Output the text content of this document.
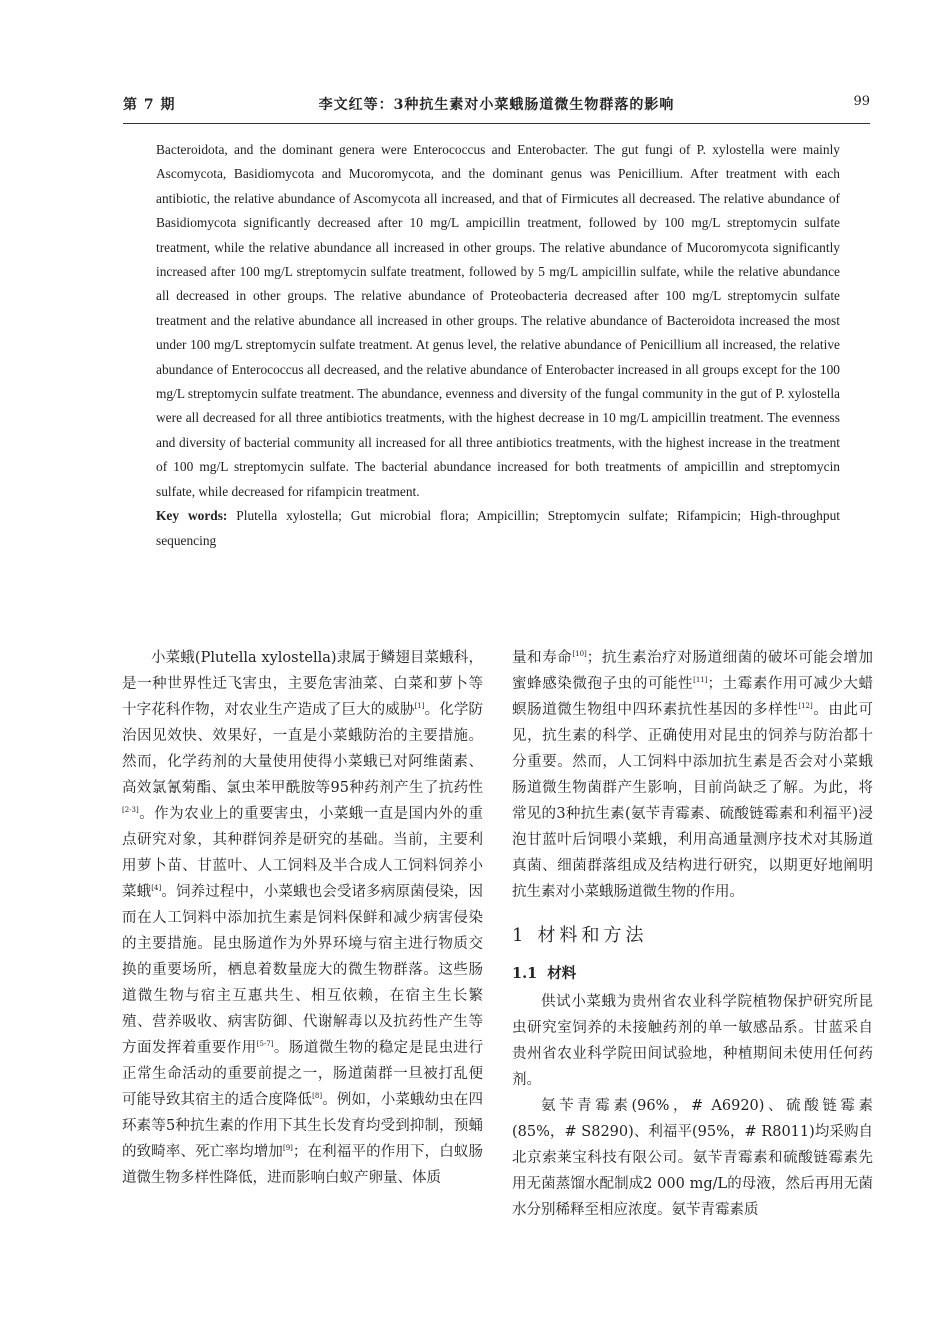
第 7 期	李文红等：3种抗生素对小菜蛾肠道微生物群落的影响	99

Bacteroidota, and the dominant genera were Enterococcus and Enterobacter. The gut fungi of P. xylostella were mainly Ascomycota, Basidiomycota and Mucoromycota, and the dominant genus was Penicillium. After treatment with each antibiotic, the relative abundance of Ascomycota all increased, and that of Firmicutes all decreased. The relative abundance of Basidiomycota significantly decreased after 10 mg/L ampicillin treatment, followed by 100 mg/L streptomycin sulfate treatment, while the relative abundance all increased in other groups. The relative abundance of Mucoromycota significantly increased after 100 mg/L streptomycin sulfate treatment, followed by 5 mg/L ampicillin sulfate, while the relative abundance all decreased in other groups. The relative abundance of Proteobacteria decreased after 100 mg/L streptomycin sulfate treatment and the relative abundance all increased in other groups. The relative abundance of Bacteroidota increased the most under 100 mg/L streptomycin sulfate treatment. At genus level, the relative abundance of Penicillium all increased, the relative abundance of Enterococcus all decreased, and the relative abundance of Enterobacter increased in all groups except for the 100 mg/L streptomycin sulfate treatment. The abundance, evenness and diversity of the fungal community in the gut of P. xylostella were all decreased for all three antibiotics treatments, with the highest decrease in 10 mg/L ampicillin treatment. The evenness and diversity of bacterial community all increased for all three antibiotics treatments, with the highest increase in the treatment of 100 mg/L streptomycin sulfate. The bacterial abundance increased for both treatments of ampicillin and streptomycin sulfate, while decreased for rifampicin treatment.

Key words: Plutella xylostella; Gut microbial flora; Ampicillin; Streptomycin sulfate; Rifampicin; High-throughput sequencing

小菜蛾(Plutella xylostella)隶属于鳞翅目菜蛾科，是一种世界性迁飞害虫，主要危害油菜、白菜和萝卜等十字花科作物，对农业生产造成了巨大的威胁[1]。化学防治因见效快、效果好，一直是小菜蛾防治的主要措施。然而，化学药剂的大量使用使得小菜蛾已对阿维菌素、高效氯氰菊酯、氯虫苯甲酰胺等95种药剂产生了抗药性[2-3]。作为农业上的重要害虫，小菜蛾一直是国内外的重点研究对象，其种群饲养是研究的基础。当前，主要利用萝卜苗、甘蓝叶、人工饲料及半合成人工饲料饲养小菜蛾[4]。饲养过程中，小菜蛾也会受诸多病原菌侵染，因而在人工饲料中添加抗生素是饲料保鲜和减少病害侵染的主要措施。昆虫肠道作为外界环境与宿主进行物质交换的重要场所，栖息着数量庞大的微生物群落。这些肠道微生物与宿主互惠共生、相互依赖，在宿主生长繁殖、营养吸收、病害防御、代谢解毒以及抗药性产生等方面发挥着重要作用[5-7]。肠道微生物的稳定是昆虫进行正常生命活动的重要前提之一，肠道菌群一旦被打乱便可能导致其宿主的适合度降低[8]。例如，小菜蛾幼虫在四环素等5种抗生素的作用下其生长发育均受到抑制，预蛹的致畸率、死亡率均增加[9]；在利福平的作用下，白蚁肠道微生物多样性降低，进而影响白蚁产卵量、体质

量和寿命[10]；抗生素治疗对肠道细菌的破坏可能会增加蜜蜂感染微孢子虫的可能性[11]；土霉素作用可减少大蜡螟肠道微生物组中四环素抗性基因的多样性[12]。由此可见，抗生素的科学、正确使用对昆虫的饲养与防治都十分重要。然而，人工饲料中添加抗生素是否会对小菜蛾肠道微生物菌群产生影响，目前尚缺乏了解。为此，将常见的3种抗生素(氨苄青霉素、硫酸链霉素和利福平)浸泡甘蓝叶后饲喂小菜蛾，利用高通量测序技术对其肠道真菌、细菌群落组成及结构进行研究，以期更好地阐明抗生素对小菜蛾肠道微生物的作用。

1 材料和方法
1.1 材料

供试小菜蛾为贵州省农业科学院植物保护研究所昆虫研究室饲养的未接触药剂的单一敏感品系。甘蓝采自贵州省农业科学院田间试验地，种植期间未使用任何药剂。

氨苄青霉素(96%，# A6920)、硫酸链霉素(85%，# S8290)、利福平(95%，# R8011)均采购自北京索莱宝科技有限公司。氨苄青霉素和硫酸链霉素先用无菌蒸馏水配制成2 000 mg/L的母液，然后再用无菌水分别稀释至相应浓度。氨苄青霉素质
